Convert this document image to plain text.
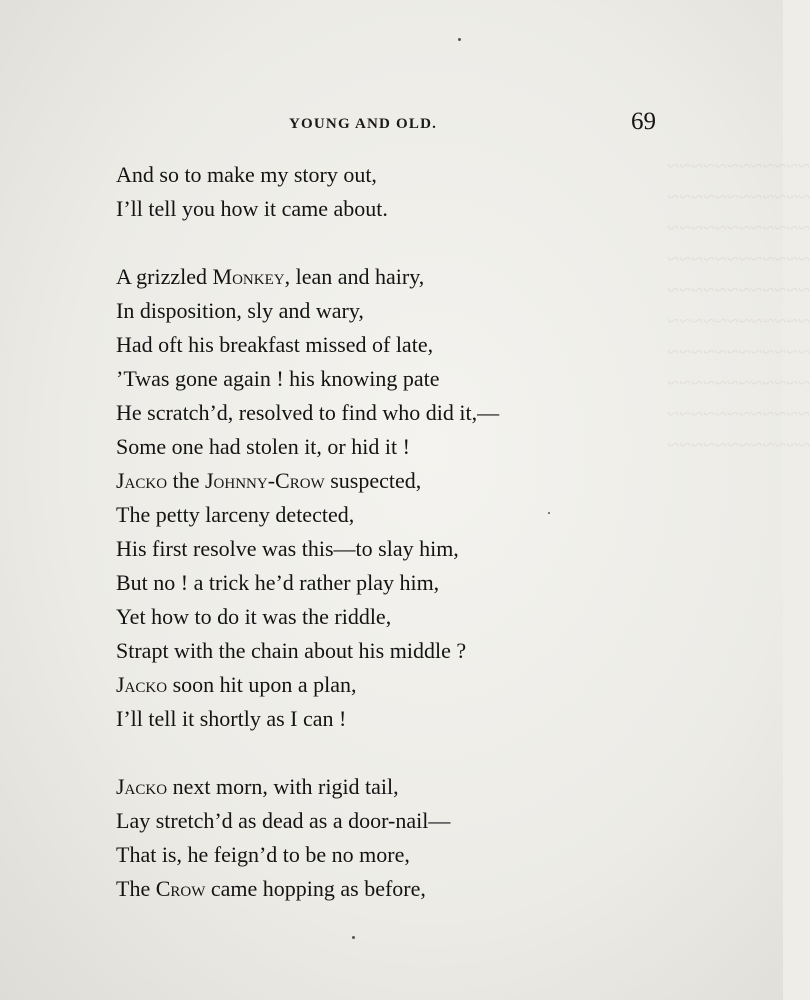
~~~~~~~~~~~~
~~~~~~~~~~~~
~~~~~~~~~~~~
~~~~~~~~~~~~
~~~~~~~~~~~~
~~~~~~~~~~~~
~~~~~~~~~~~~
~~~~~~~~~~~~
~~~~~~~~~~~~
~~~~~~~~~~~~
YOUNG AND OLD.	69
And so to make my story out,
I’ll tell you how it came about.
A grizzled Monkey, lean and hairy,
In disposition, sly and wary,
Had oft his breakfast missed of late,
’Twas gone again ! his knowing pate
He scratch’d, resolved to find who did it,—
Some one had stolen it, or hid it !
Jacko the Johnny-Crow suspected,
The petty larceny detected,
His first resolve was this—to slay him,
But no ! a trick he’d rather play him,
Yet how to do it was the riddle,
Strapt with the chain about his middle ?
Jacko soon hit upon a plan,
I’ll tell it shortly as I can !
Jacko next morn, with rigid tail,
Lay stretch’d as dead as a door-nail—
That is, he feign’d to be no more,
The Crow came hopping as before,
